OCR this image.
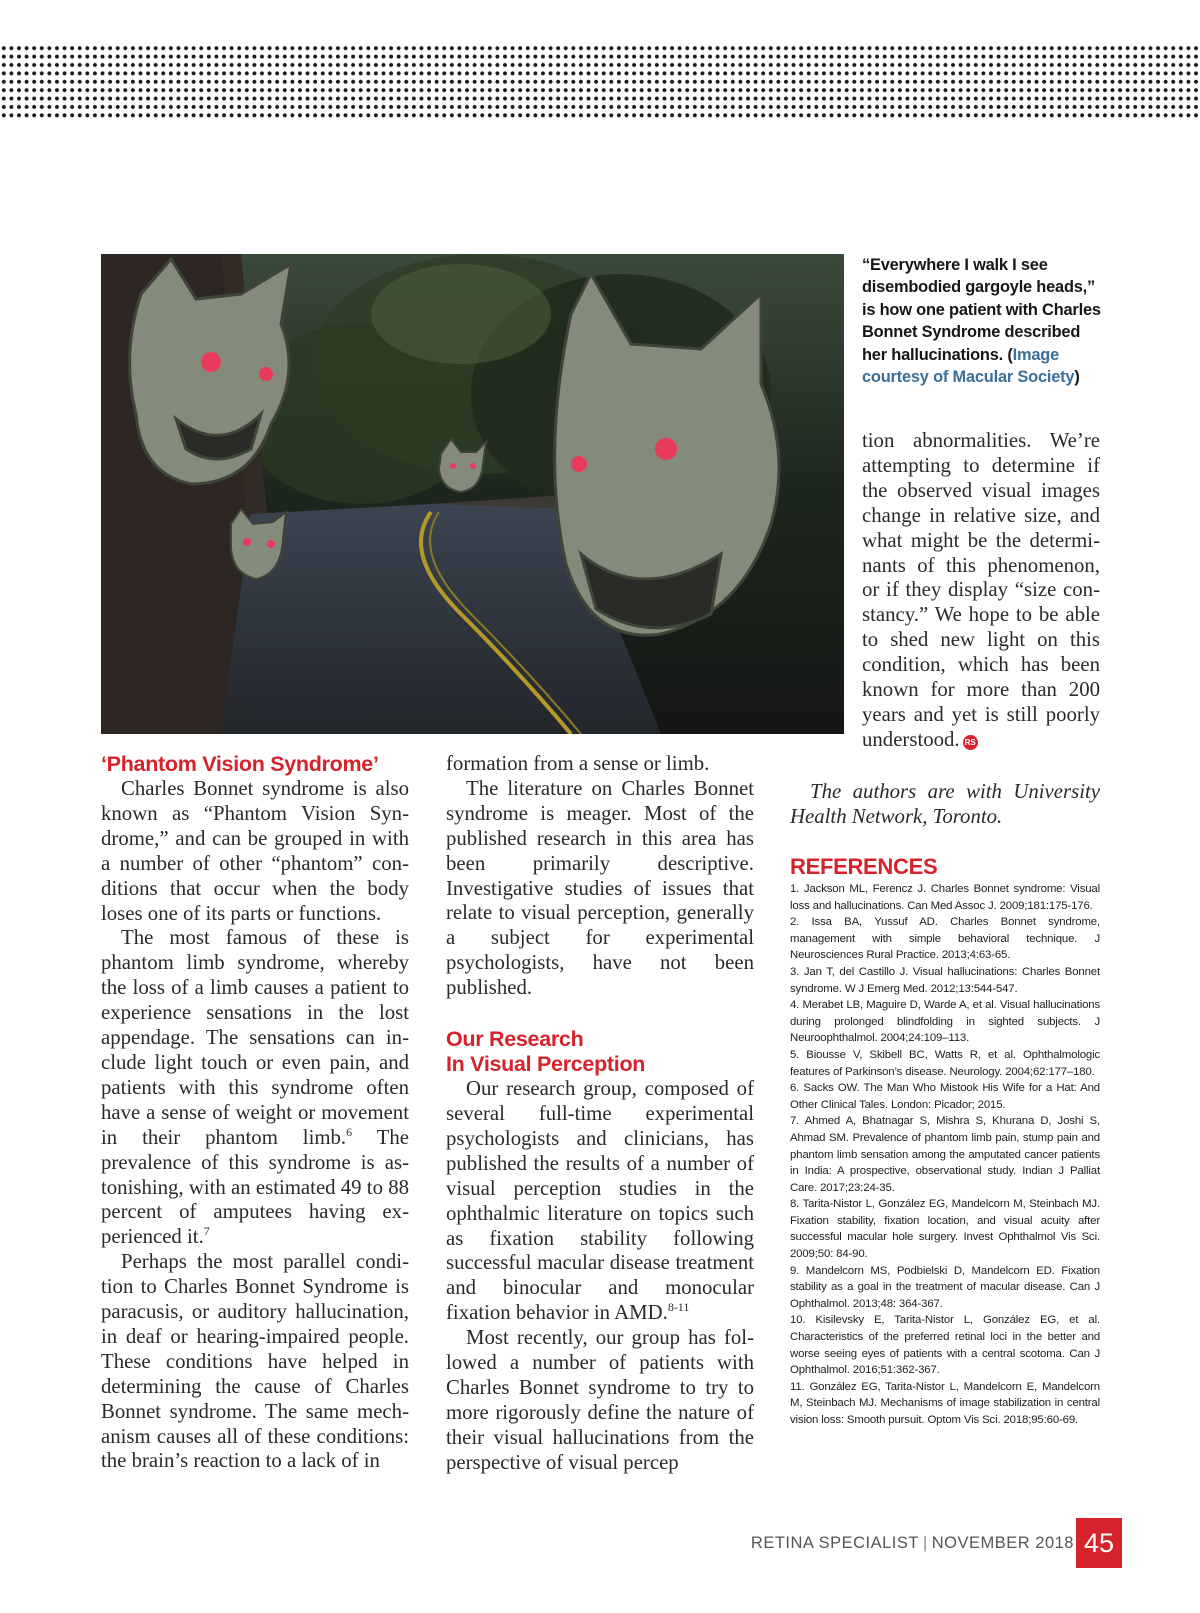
“Everywhere I walk I see disembodied gargoyle heads,” is how one patient with Charles Bonnet Syndrome described her hallucinations. (Image courtesy of Macular Society)
‘Phantom Vision Syndrome’

Charles Bonnet syndrome is also known as “Phantom Vision Syndrome,” and can be grouped in with a number of other “phantom” conditions that occur when the body loses one of its parts or functions.

The most famous of these is phantom limb syndrome, whereby the loss of a limb causes a patient to experience sensations in the lost appendage. The sensations can include light touch or even pain, and patients with this syndrome often have a sense of weight or movement in their phantom limb.$^6$ The prevalence of this syndrome is astonishing, with an estimated 49 to 88 percent of amputees having experienced it.$^7$

Perhaps the most parallel condition to Charles Bonnet Syndrome is paracusis, or auditory hallucination, in deaf or hearing-impaired people. These conditions have helped in determining the cause of Charles Bonnet syndrome. The same mechanism causes all of these conditions: the brain’s reaction to a lack of in

formation from a sense or limb.

The literature on Charles Bonnet syndrome is meager. Most of the published research in this area has been primarily descriptive. Investigative studies of issues that relate to visual perception, generally a subject for experimental psychologists, have not been published.

Our Research
In Visual Perception

Our research group, composed of several full-time experimental psychologists and clinicians, has published the results of a number of visual perception studies in the ophthalmic literature on topics such as fixation stability following successful macular disease treatment and binocular and monocular fixation behavior in AMD.$^{8-11}$

Most recently, our group has followed a number of patients with Charles Bonnet syndrome to try to more rigorously define the nature of their visual hallucinations from the perspective of visual percep

tion abnormalities. We’re attempting to determine if the observed visual images change in relative size, and what might be the determinants of this phenomenon, or if they display “size constancy.” We hope to be able to shed new light on this condition, which has been known for more than 200 years and yet is still poorly understood. RS

The authors are with University Health Network, Toronto.

REFERENCES

1. Jackson ML, Ferencz J. Charles Bonnet syndrome: Visual loss and hallucinations. Can Med Assoc J. 2009;181:175-176.

2. Issa BA, Yussuf AD. Charles Bonnet syndrome, management with simple behavioral technique. J Neurosciences Rural Practice. 2013;4:63-65.

3. Jan T, del Castillo J. Visual hallucinations: Charles Bonnet syndrome. W J Emerg Med. 2012;13:544-547.

4. Merabet LB, Maguire D, Warde A, et al. Visual hallucinations during prolonged blindfolding in sighted subjects. J Neuroophthalmol. 2004;24:109–113.

5. Biousse V, Skibell BC, Watts R, et al. Ophthalmologic features of Parkinson’s disease. Neurology. 2004;62:177–180.

6. Sacks OW. The Man Who Mistook His Wife for a Hat: And Other Clinical Tales. London: Picador; 2015.

7. Ahmed A, Bhatnagar S, Mishra S, Khurana D, Joshi S, Ahmad SM. Prevalence of phantom limb pain, stump pain and phantom limb sensation among the amputated cancer patients in India: A prospective, observational study. Indian J Palliat Care. 2017;23:24-35.

8. Tarita-Nistor L, González EG, Mandelcorn M, Steinbach MJ. Fixation stability, fixation location, and visual acuity after successful macular hole surgery. Invest Ophthalmol Vis Sci. 2009;50: 84-90.

9. Mandelcorn MS, Podbielski D, Mandelcorn ED. Fixation stability as a goal in the treatment of macular disease. Can J Ophthalmol. 2013;48: 364-367.

10. Kisilevsky E, Tarita-Nistor L, González EG, et al. Characteristics of the preferred retinal loci in the better and worse seeing eyes of patients with a central scotoma. Can J Ophthalmol. 2016;51:362-367.

11. González EG, Tarita-Nistor L, Mandelcorn E, Mandelcorn M, Steinbach MJ. Mechanisms of image stabilization in central vision loss: Smooth pursuit. Optom Vis Sci. 2018;95:60-69.

RETINA SPECIALIST | NOVEMBER 2018 45
